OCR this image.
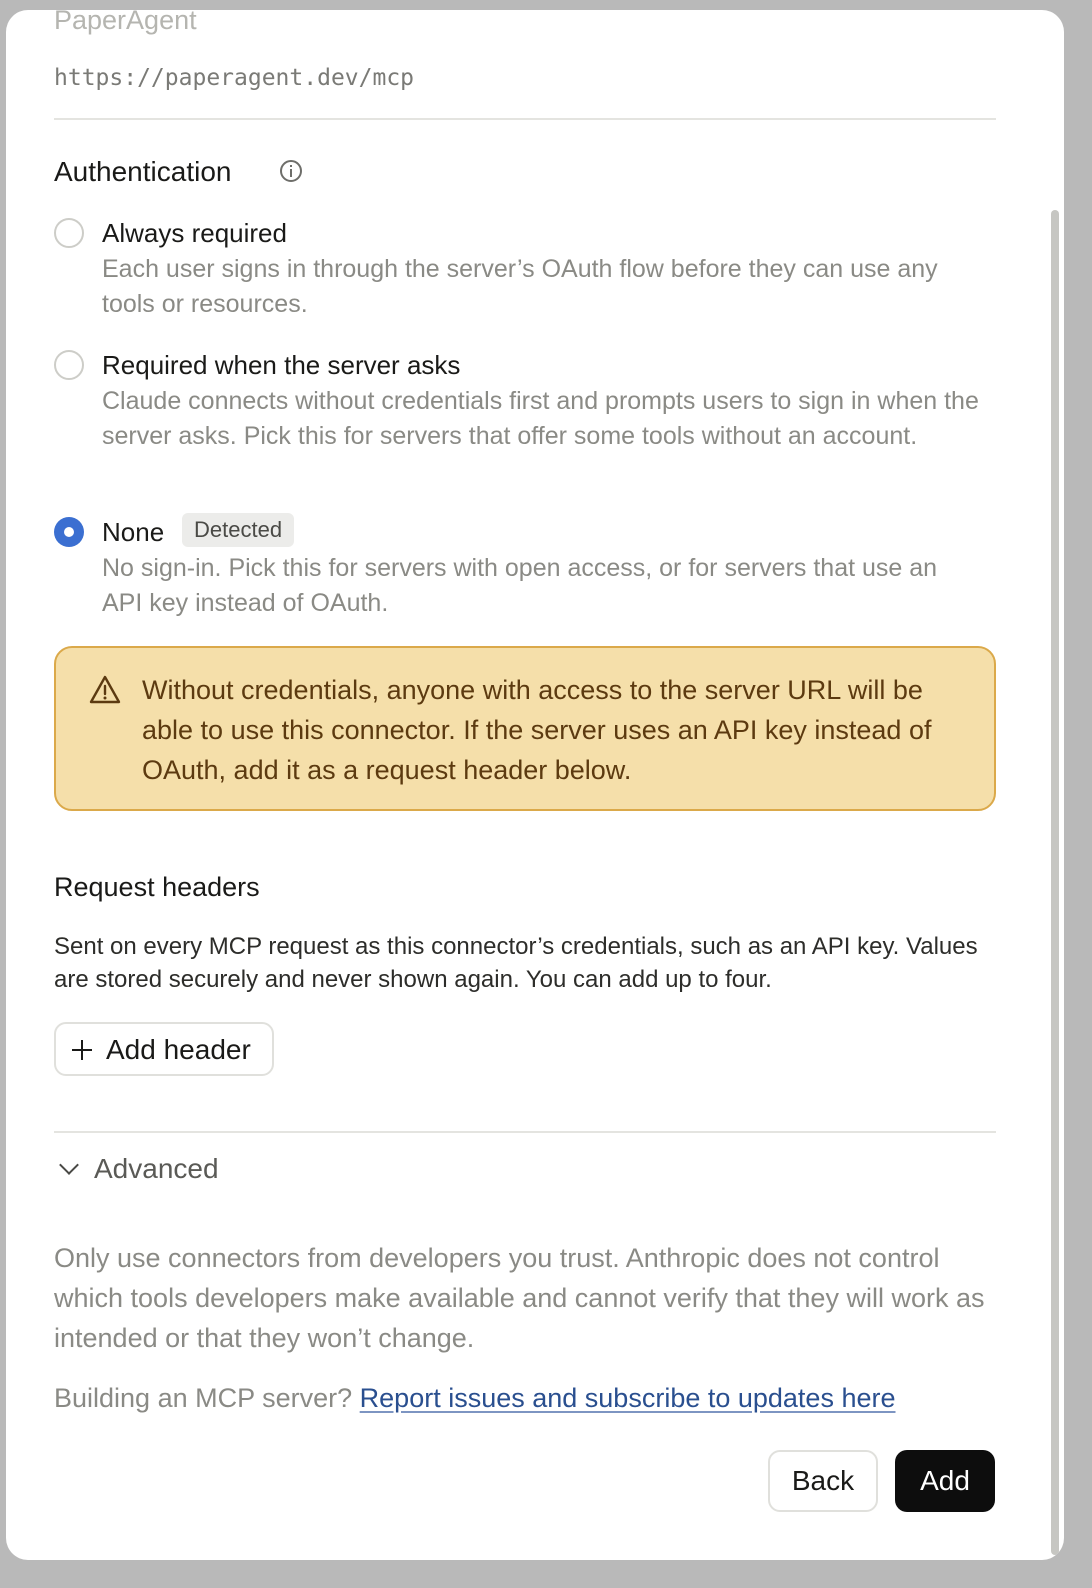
PaperAgent
https://paperagent.dev/mcp
Authentication
Always required
Each user signs in through the server’s OAuth flow before they can use any tools or resources.
Required when the server asks
Claude connects without credentials first and prompts users to sign in when the server asks. Pick this for servers that offer some tools without an account.
None	Detected
No sign-in. Pick this for servers with open access, or for servers that use an API key instead of OAuth.
Without credentials, anyone with access to the server URL will be able to use this connector. If the server uses an API key instead of OAuth, add it as a request header below.
Request headers
Sent on every MCP request as this connector’s credentials, such as an API key. Values are stored securely and never shown again. You can add up to four.
Add header
Advanced
Only use connectors from developers you trust. Anthropic does not control which tools developers make available and cannot verify that they will work as intended or that they won’t change.
Building an MCP server? Report issues and subscribe to updates here
Back	Add
